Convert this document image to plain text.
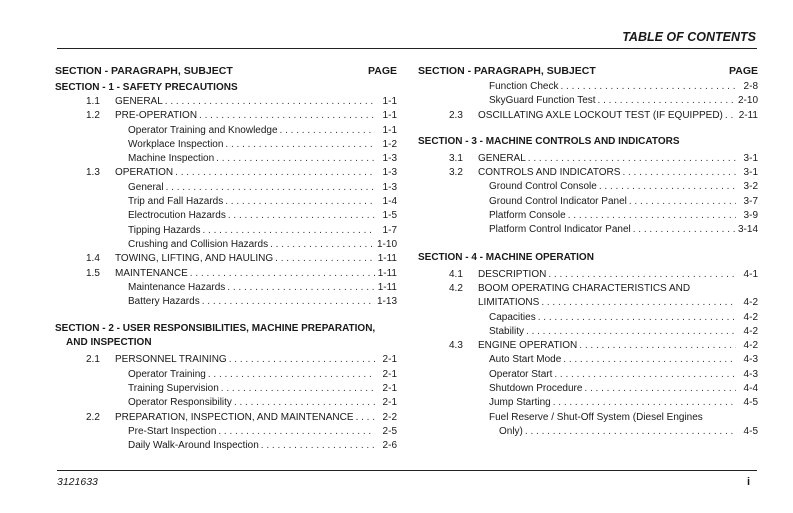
TABLE OF CONTENTS
SECTION - PARAGRAPH, SUBJECT	PAGE
SECTION - 1 - SAFETY PRECAUTIONS
1.1	GENERAL . . .	1-1
1.2	PRE-OPERATION . . .	1-1
Operator Training and Knowledge . . .	1-1
Workplace Inspection . . .	1-2
Machine Inspection . . .	1-3
1.3	OPERATION . . .	1-3
General . . .	1-3
Trip and Fall Hazards . . .	1-4
Electrocution Hazards . . .	1-5
Tipping Hazards . . .	1-7
Crushing and Collision Hazards . . .	1-10
1.4	TOWING, LIFTING, AND HAULING . . .	1-11
1.5	MAINTENANCE . . .	1-11
Maintenance Hazards . . .	1-11
Battery Hazards . . .	1-13
SECTION - 2 - USER RESPONSIBILITIES, MACHINE PREPARATION,
AND INSPECTION
2.1	PERSONNEL TRAINING . . .	2-1
Operator Training . . .	2-1
Training Supervision . . .	2-1
Operator Responsibility . . .	2-1
2.2	PREPARATION, INSPECTION, AND MAINTENANCE . . .	2-2
Pre-Start Inspection . . .	2-5
Daily Walk-Around Inspection . . .	2-6
SECTION - PARAGRAPH, SUBJECT	PAGE
Function Check . . .	2-8
SkyGuard Function Test . . .	2-10
2.3	OSCILLATING AXLE LOCKOUT TEST (IF EQUIPPED) . . . 2-11
SECTION - 3 - MACHINE CONTROLS AND INDICATORS
3.1	GENERAL . . .	3-1
3.2	CONTROLS AND INDICATORS . . .	3-1
Ground Control Console . . .	3-2
Ground Control Indicator Panel . . .	3-7
Platform Console . . .	3-9
Platform Control Indicator Panel . . .	3-14
SECTION - 4 - MACHINE OPERATION
4.1	DESCRIPTION . . .	4-1
4.2	BOOM OPERATING CHARACTERISTICS AND
LIMITATIONS . . .	4-2
Capacities . . .	4-2
Stability . . .	4-2
4.3	ENGINE OPERATION . . .	4-2
Auto Start Mode . . .	4-3
Operator Start . . .	4-3
Shutdown Procedure . . .	4-4
Jump Starting . . .	4-5
Fuel Reserve / Shut-Off System (Diesel Engines
Only) . . .	4-5
3121633	i
